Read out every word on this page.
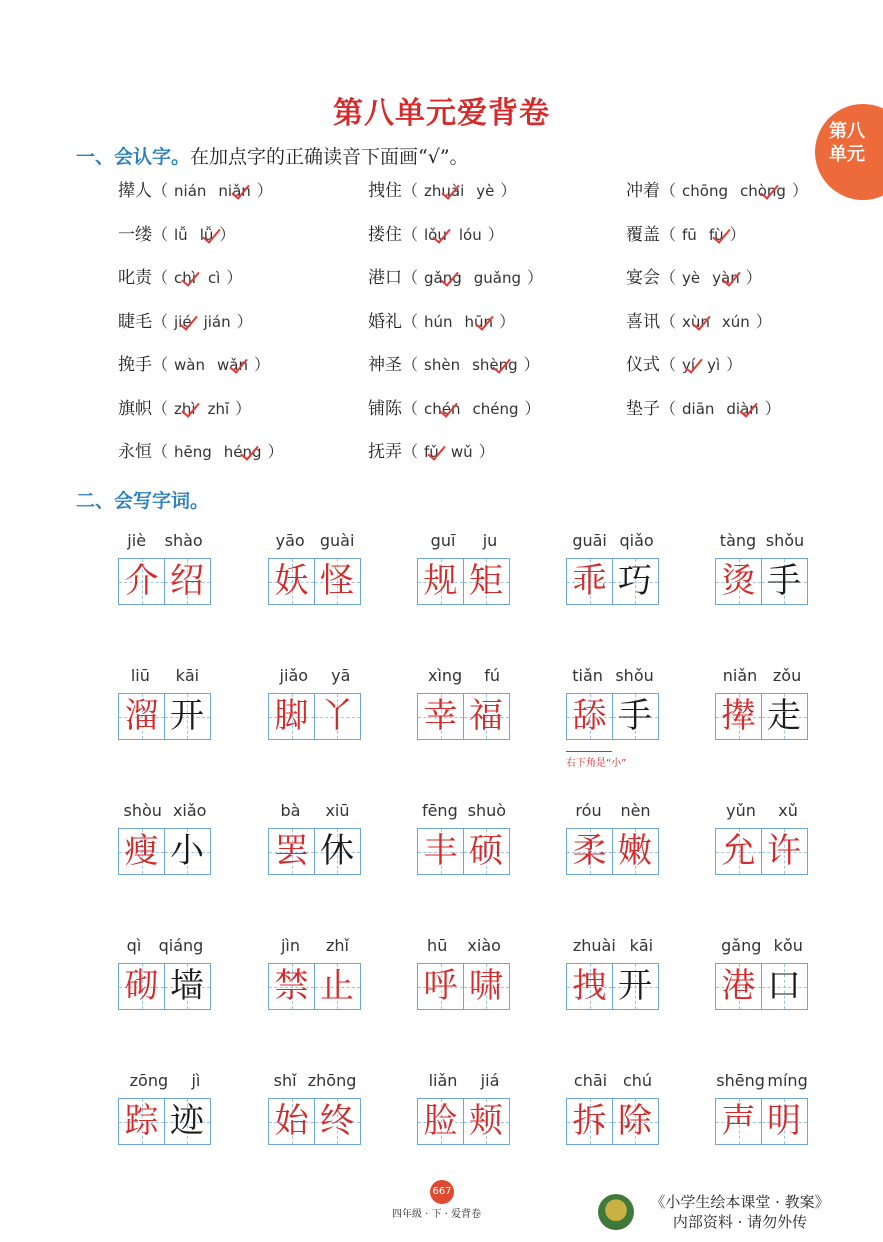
第八单元爱背卷
第八
单元
一、会认字。在加点字的正确读音下面画“√”。
撵人（ nián niǎn ）	拽住（ zhuài yè ）	冲着（ chōng chòng ）
一缕（ lǚ lǚ ）	搂住（ lǒu lóu ）	覆盖（ fū fù ）
叱责（ chì cì ）	港口（ gǎng guǎng ）	宴会（ yè yàn ）
睫毛（ jié jián ）	婚礼（ hún hūn ）	喜讯（ xùn xún ）
挽手（ wàn wǎn ）	神圣（ shèn shèng ）	仪式（ yí yì ）
旗帜（ zhì zhī ）	铺陈（ chén chéng ）	垫子（ diān diàn ）
永恒（ hēng héng ）	抚弄（ fǔ wǔ ）
二、会写字词。
jiè shào
介 绍
yāo guài
妖 怪
guī ju
规 矩
guāi qiǎo
乖 巧
tàng shǒu
烫 手
liū kāi
溜 开
jiǎo yā
脚 丫
xìng fú
幸 福
tiǎn shǒu
舔 手
右下角是“小”
niǎn zǒu
撵 走
shòu xiǎo
瘦 小
bà xiū
罢 休
fēng shuò
丰 硕
róu nèn
柔 嫩
yǔn xǔ
允 许
qì qiáng
砌 墙
jìn zhǐ
禁 止
hū xiào
呼 啸
zhuài kāi
拽 开
gǎng kǒu
港 口
zōng jì
踪 迹
shǐ zhōng
始 终
liǎn jiá
脸 颊
chāi chú
拆 除
shēng míng
声 明
667
四年级 · 下 · 爱背卷
《小学生绘本课堂 · 教案》
内部资料 · 请勿外传
